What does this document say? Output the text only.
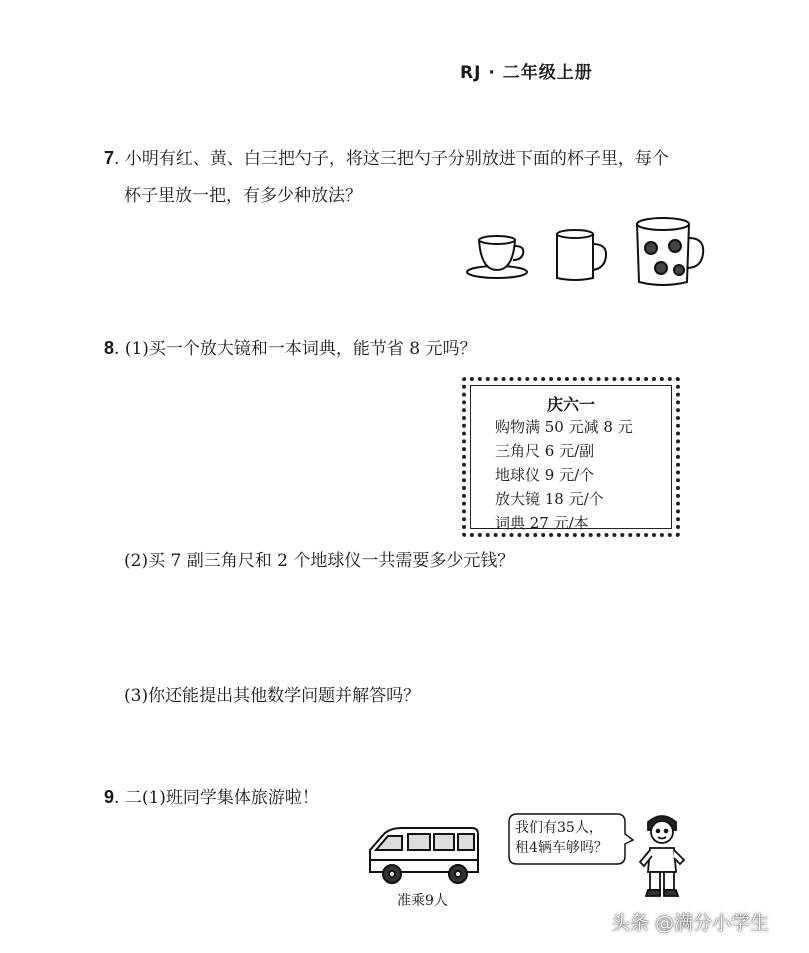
RJ · 二年级上册
7. 小明有红、黄、白三把勺子，将这三把勺子分别放进下面的杯子里，每个
杯子里放一把，有多少种放法？
8. (1)买一个放大镜和一本词典，能节省 8 元吗？
庆六一
购物满 50 元减 8 元
三角尺 6 元/副
地球仪 9 元/个
放大镜 18 元/个
词典 27 元/本
(2)买 7 副三角尺和 2 个地球仪一共需要多少元钱？
(3)你还能提出其他数学问题并解答吗？
9. 二(1)班同学集体旅游啦！
准乘9人
我们有35人，
租4辆车够吗？
头条 @满分小学生
